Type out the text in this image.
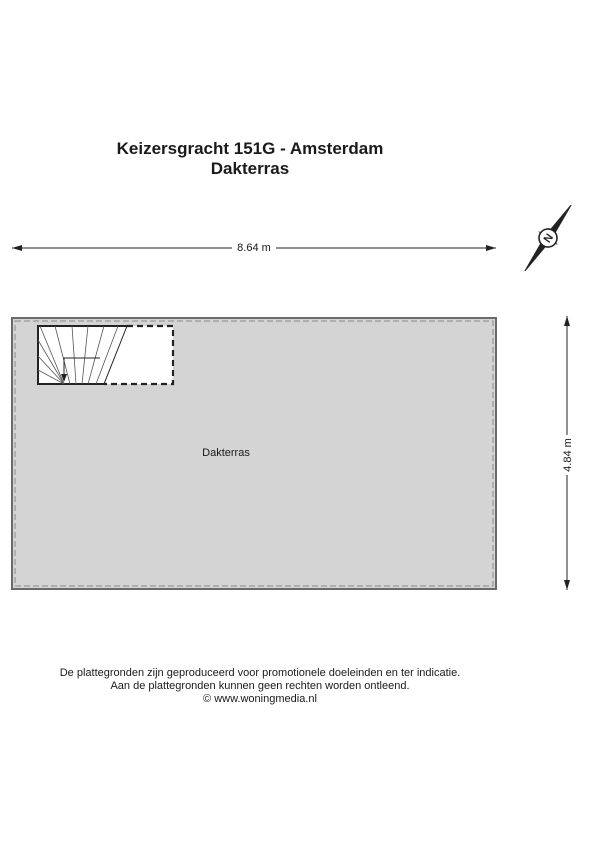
Keizersgracht 151G - Amsterdam
Dakterras
8.64 m
4.84 m
Dakterras
N
De plattegronden zijn geproduceerd voor promotionele doeleinden en ter indicatie.
Aan de plattegronden kunnen geen rechten worden ontleend.
© www.woningmedia.nl
